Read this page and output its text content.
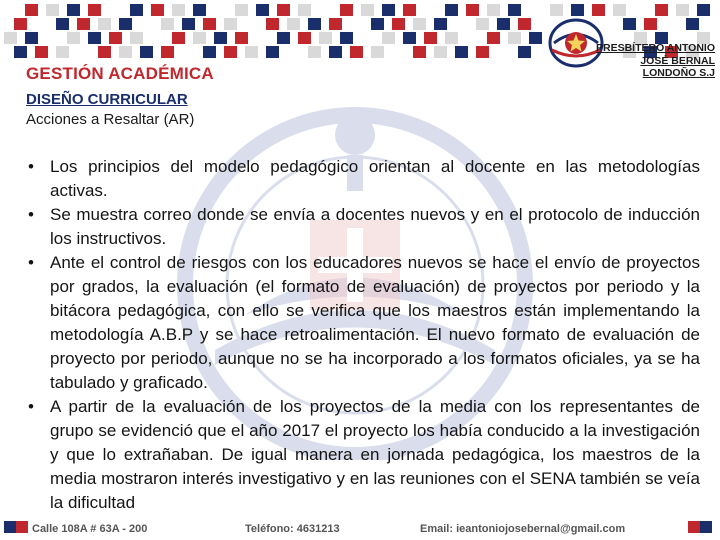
PRESBÍTERO ANTONIO
JOSÉ BERNAL
LONDOÑO S.J
GESTIÓN ACADÉMICA
DISEÑO CURRICULAR
Acciones a Resaltar (AR)
• Los principios del modelo pedagógico orientan al docente en las metodologías activas.
• Se muestra correo donde se envía a docentes nuevos y en el protocolo de inducción los instructivos.
• Ante el control de riesgos con los educadores nuevos se hace el envío de proyectos por grados, la evaluación (el formato de evaluación) de proyectos por periodo y la bitácora pedagógica, con ello se verifica que los maestros están implementando la metodología A.B.P y se hace retroalimentación. El nuevo formato de evaluación de proyecto por periodo, aunque no se ha incorporado a los formatos oficiales, ya se ha tabulado y graficado.
• A partir de la evaluación de los proyectos de la media con los representantes de grupo se evidenció que el año 2017 el proyecto los había conducido a la investigación y que lo extrañaban. De igual manera en jornada pedagógica, los maestros de la media mostraron interés investigativo y en las reuniones con el SENA también se veía la dificultad
Calle 108A # 63A - 200	Teléfono: 4631213	Email: ieantoniojosebernal@gmail.com
